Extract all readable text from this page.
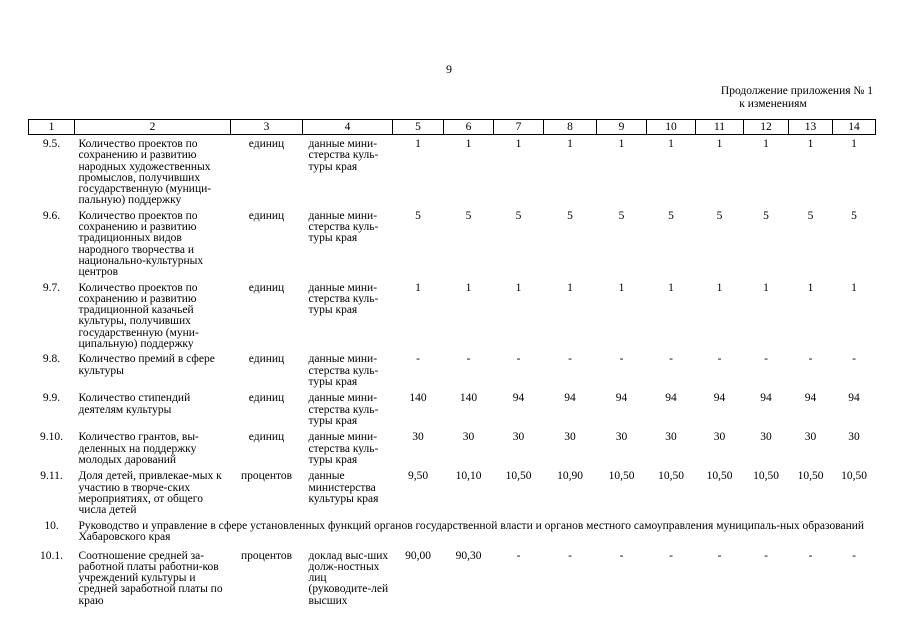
9
Продолжение приложения № 1
к изменениям
1	2	3	4	5	6	7	8	9	10	11	12	13	14
9.5.	Количество проектов по сохранению и развитию народных художественных промыслов, получивших государственную (муници-пальную) поддержку	единиц	данные мини-стерства куль-туры края	1	1	1	1	1	1	1	1	1	1
9.6.	Количество проектов по сохранению и развитию традиционных видов народного творчества и национально-культурных центров	единиц	данные мини-стерства куль-туры края	5	5	5	5	5	5	5	5	5	5
9.7.	Количество проектов по сохранению и развитию традиционной казачьей культуры, получивших государственную (муни-ципальную) поддержку	единиц	данные мини-стерства куль-туры края	1	1	1	1	1	1	1	1	1	1
9.8.	Количество премий в сфере культуры	единиц	данные мини-стерства куль-туры края	-	-	-	-	-	-	-	-	-	-
9.9.	Количество стипендий деятелям культуры	единиц	данные мини-стерства куль-туры края	140	140	94	94	94	94	94	94	94	94
9.10.	Количество грантов, вы-деленных на поддержку молодых дарований	единиц	данные мини-стерства куль-туры края	30	30	30	30	30	30	30	30	30	30
9.11.	Доля детей, привлекае-мых к участию в творче-ских мероприятиях, от общего числа детей	процентов	данные министерства культуры края	9,50	10,10	10,50	10,90	10,50	10,50	10,50	10,50	10,50	10,50
10.	Руководство и управление в сфере установленных функций органов государственной власти и органов местного самоуправления муниципаль-ных образований Хабаровского края												
10.1.	Соотношение средней за-работной платы работни-ков учреждений культуры и средней заработной платы по краю	процентов	доклад выс-ших долж-ностных лиц (руководите-лей высших	90,00	90,30	-	-	-	-	-	-	-	-
